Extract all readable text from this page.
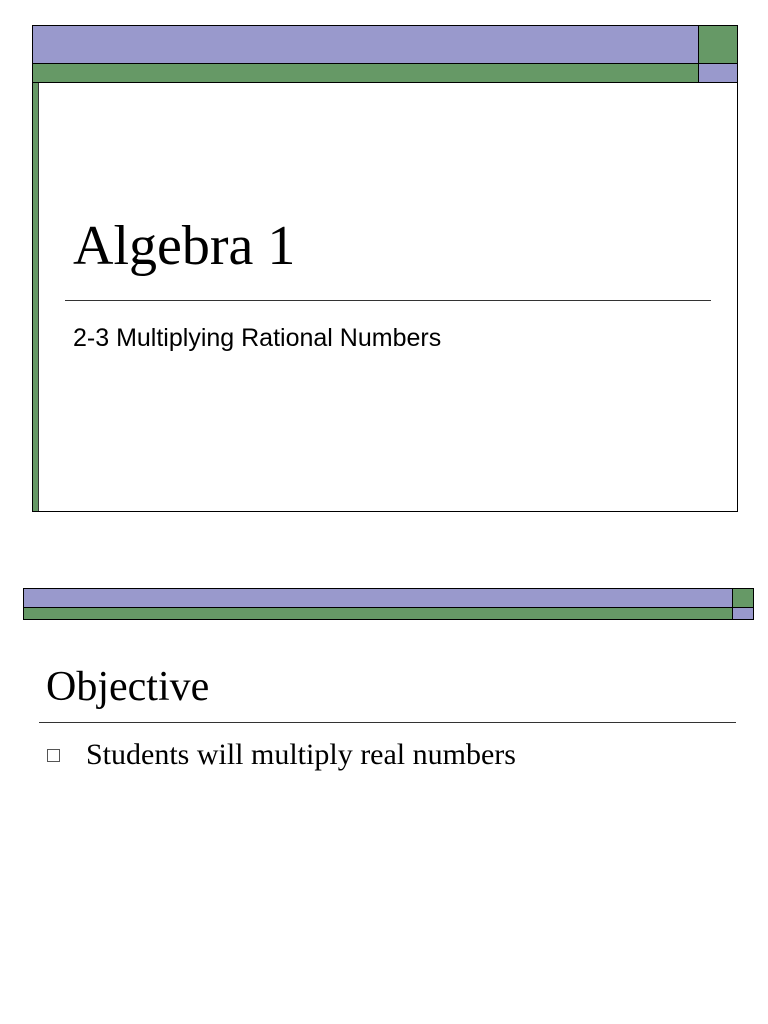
Algebra 1
2-3 Multiplying Rational Numbers
Objective
Students will multiply real numbers
